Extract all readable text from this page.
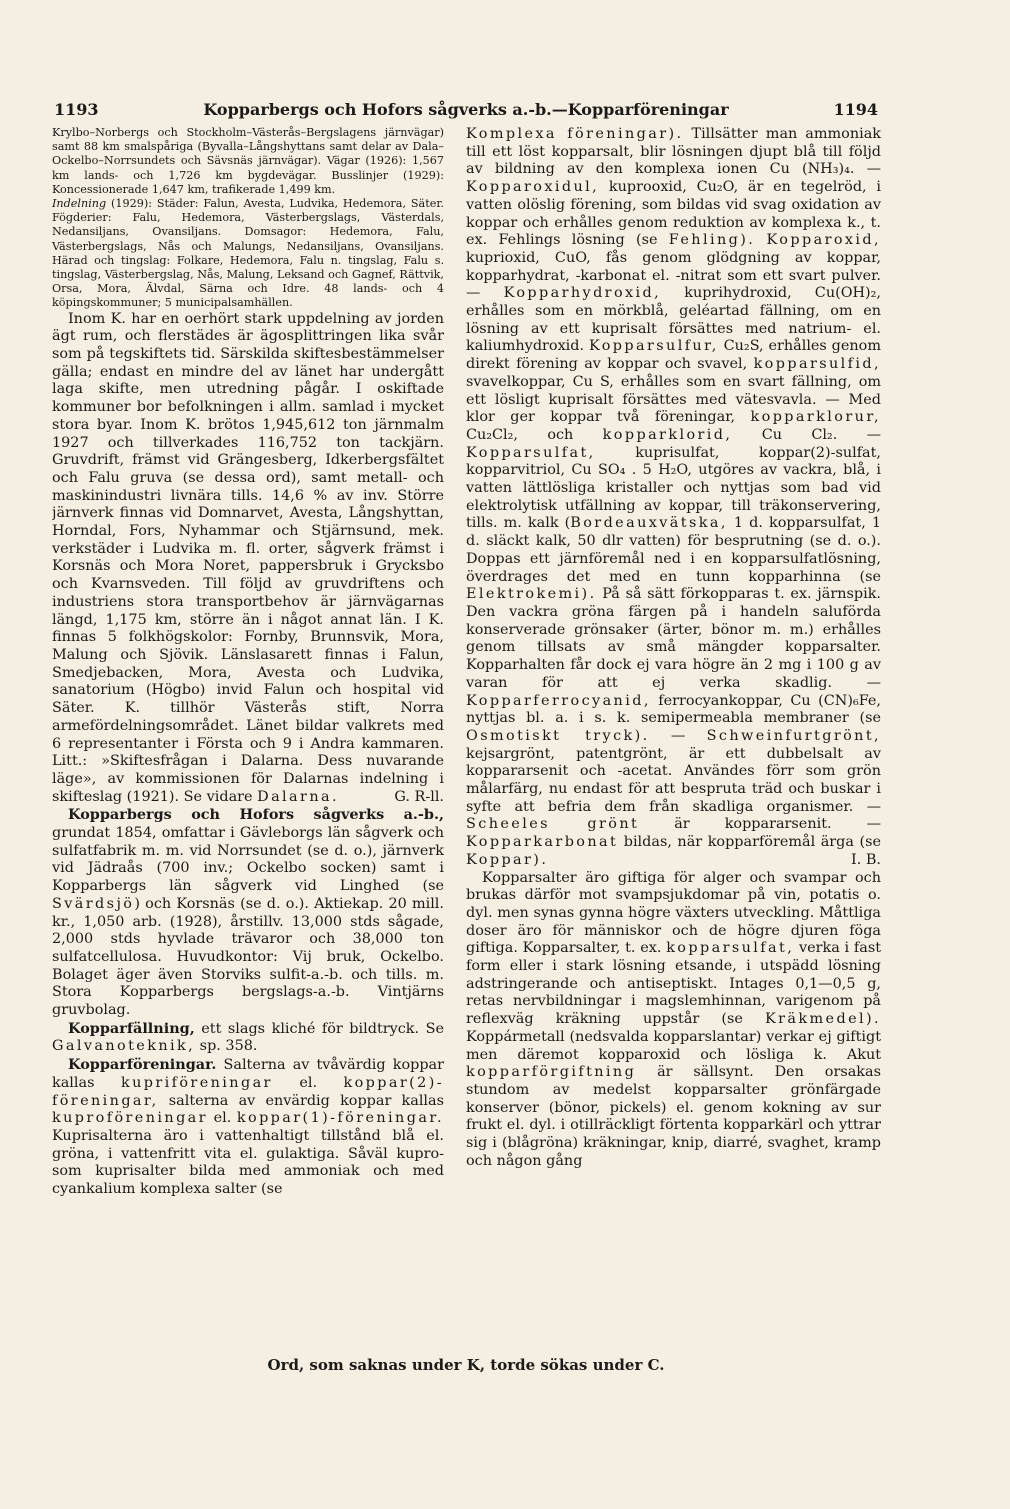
1193	Kopparbergs och Hofors sågverks a.-b.—Kopparföreningar	1194

Krylbo–Norbergs och Stockholm–Västerås–Bergslagens järnvägar) samt 88 km smalspåriga (Byvalla–Långshyttans samt delar av Dala–Ockelbo–Norrsundets och Sävsnäs järnvägar). Vägar (1926): 1,567 km lands- och 1,726 km bygdevägar. Busslinjer (1929): Koncessionerade 1,647 km, trafikerade 1,499 km.

Indelning (1929): Städer: Falun, Avesta, Ludvika, Hedemora, Säter. Fögderier: Falu, Hedemora, Västerbergslags, Västerdals, Nedansiljans, Ovansiljans. Domsagor: Hedemora, Falu, Västerbergslags, Nås och Malungs, Nedansiljans, Ovansiljans. Härad och tingslag: Folkare, Hedemora, Falu n. tingslag, Falu s. tingslag, Västerbergslag, Nås, Malung, Leksand och Gagnef, Rättvik, Orsa, Mora, Älvdal, Särna och Idre. 48 lands- och 4 köpingskommuner; 5 municipalsamhällen.

Inom K. har en oerhört stark uppdelning av jorden ägt rum, och flerstädes är ägosplittringen lika svår som på tegskiftets tid. Särskilda skiftesbestämmelser gälla; endast en mindre del av länet har undergått laga skifte, men utredning pågår. I oskiftade kommuner bor befolkningen i allm. samlad i mycket stora byar. Inom K. brötos 1,945,612 ton järnmalm 1927 och tillverkades 116,752 ton tackjärn. Gruvdrift, främst vid Grängesberg, Idkerbergsfältet och Falu gruva (se dessa ord), samt metall- och maskinindustri livnära tills. 14,6 % av inv. Större järnverk finnas vid Domnarvet, Avesta, Långshyttan, Horndal, Fors, Nyhammar och Stjärnsund, mek. verkstäder i Ludvika m. fl. orter, sågverk främst i Korsnäs och Mora Noret, pappersbruk i Grycksbo och Kvarnsveden. Till följd av gruvdriftens och industriens stora transportbehov är järnvägarnas längd, 1,175 km, större än i något annat län. I K. finnas 5 folkhögskolor: Fornby, Brunnsvik, Mora, Malung och Sjövik. Länslasarett finnas i Falun, Smedjebacken, Mora, Avesta och Ludvika, sanatorium (Högbo) invid Falun och hospital vid Säter. K. tillhör Västerås stift, Norra armefördelningsområdet. Länet bildar valkrets med 6 representanter i Första och 9 i Andra kammaren. Litt.: »Skiftesfrågan i Dalarna. Dess nuvarande läge», av kommissionen för Dalarnas indelning i skifteslag (1921). Se vidare Dalarna.	G. R-ll.

Kopparbergs och Hofors sågverks a.-b., grundat 1854, omfattar i Gävleborgs län sågverk och sulfatfabrik m. m. vid Norrsundet (se d. o.), järnverk vid Jädraås (700 inv.; Ockelbo socken) samt i Kopparbergs län sågverk vid Linghed (se Svärdsjö) och Korsnäs (se d. o.). Aktiekap. 20 mill. kr., 1,050 arb. (1928), årstillv. 13,000 stds sågade, 2,000 stds hyvlade trävaror och 38,000 ton sulfatcellulosa. Huvudkontor: Vij bruk, Ockelbo. Bolaget äger även Storviks sulfit-a.-b. och tills. m. Stora Kopparbergs bergslags-a.-b. Vintjärns gruvbolag.

Kopparfällning, ett slags kliché för bildtryck. Se Galvanoteknik, sp. 358.

Kopparföreningar. Salterna av tvåvärdig koppar kallas kupriföreningar el. koppar(2)-föreningar, salterna av envärdig koppar kallas kuproföreningar el. koppar(1)-föreningar. Kuprisalterna äro i vattenhaltigt tillstånd blå el. gröna, i vattenfritt vita el. gulaktiga. Såväl kupro- som kuprisalter bilda med ammoniak och med cyankalium komplexa salter (se

Komplexa föreningar). Tillsätter man ammoniak till ett löst kopparsalt, blir lösningen djupt blå till följd av bildning av den komplexa ionen Cu (NH₃)₄. — Kopparoxidul, kuprooxid, Cu₂O, är en tegelröd, i vatten olöslig förening, som bildas vid svag oxidation av koppar och erhålles genom reduktion av komplexa k., t. ex. Fehlings lösning (se Fehling). Kopparoxid, kuprioxid, CuO, fås genom glödgning av koppar, kopparhydrat, -karbonat el. -nitrat som ett svart pulver. — Kopparhydroxid, kuprihydroxid, Cu(OH)₂, erhålles som en mörkblå, geléartad fällning, om en lösning av ett kuprisalt försättes med natrium- el. kaliumhydroxid. Kopparsulfur, Cu₂S, erhålles genom direkt förening av koppar och svavel, kopparsulfid, svavelkoppar, Cu S, erhålles som en svart fällning, om ett lösligt kuprisalt försättes med vätesvavla. — Med klor ger koppar två föreningar, kopparklorur, Cu₂Cl₂, och kopparklorid, Cu Cl₂. — Kopparsulfat, kuprisulfat, koppar(2)-sulfat, kopparvitriol, Cu SO₄ . 5 H₂O, utgöres av vackra, blå, i vatten lättlösliga kristaller och nyttjas som bad vid elektrolytisk utfällning av koppar, till träkonservering, tills. m. kalk (Bordeauxvätska, 1 d. kopparsulfat, 1 d. släckt kalk, 50 dlr vatten) för besprutning (se d. o.). Doppas ett järnföremål ned i en kopparsulfatlösning, överdrages det med en tunn kopparhinna (se Elektrokemi). På så sätt förkopparas t. ex. järnspik. Den vackra gröna färgen på i handeln saluförda konserverade grönsaker (ärter, bönor m. m.) erhålles genom tillsats av små mängder kopparsalter. Kopparhalten får dock ej vara högre än 2 mg i 100 g av varan för att ej verka skadlig. — Kopparferrocyanid, ferrocyankoppar, Cu (CN)₆Fe, nyttjas bl. a. i s. k. semipermeabla membraner (se Osmotiskt tryck). — Schweinfurtgrönt, kejsargrönt, patentgrönt, är ett dubbelsalt av koppararsenit och -acetat. Användes förr som grön målarfärg, nu endast för att bespruta träd och buskar i syfte att befria dem från skadliga organismer. — Scheeles grönt är koppararsenit. — Kopparkarbonat bildas, när kopparföremål ärga (se Koppar).	I. B.

Kopparsalter äro giftiga för alger och svampar och brukas därför mot svampsjukdomar på vin, potatis o. dyl. men synas gynna högre växters utveckling. Måttliga doser äro för människor och de högre djuren föga giftiga. Kopparsalter, t. ex. kopparsulfat, verka i fast form eller i stark lösning etsande, i utspädd lösning adstringerande och antiseptiskt. Intages 0,1—0,5 g, retas nervbildningar i magslemhinnan, varigenom på reflexväg kräkning uppstår (se Kräkmedel). Koppármetall (nedsvalda kopparslantar) verkar ej giftigt men däremot kopparoxid och lösliga k. Akut kopparförgiftning är sällsynt. Den orsakas stundom av medelst kopparsalter grönfärgade konserver (bönor, pickels) el. genom kokning av sur frukt el. dyl. i otillräckligt förtenta kopparkärl och yttrar sig i (blågröna) kräkningar, knip, diarré, svaghet, kramp och någon gång

Ord, som saknas under K, torde sökas under C.
